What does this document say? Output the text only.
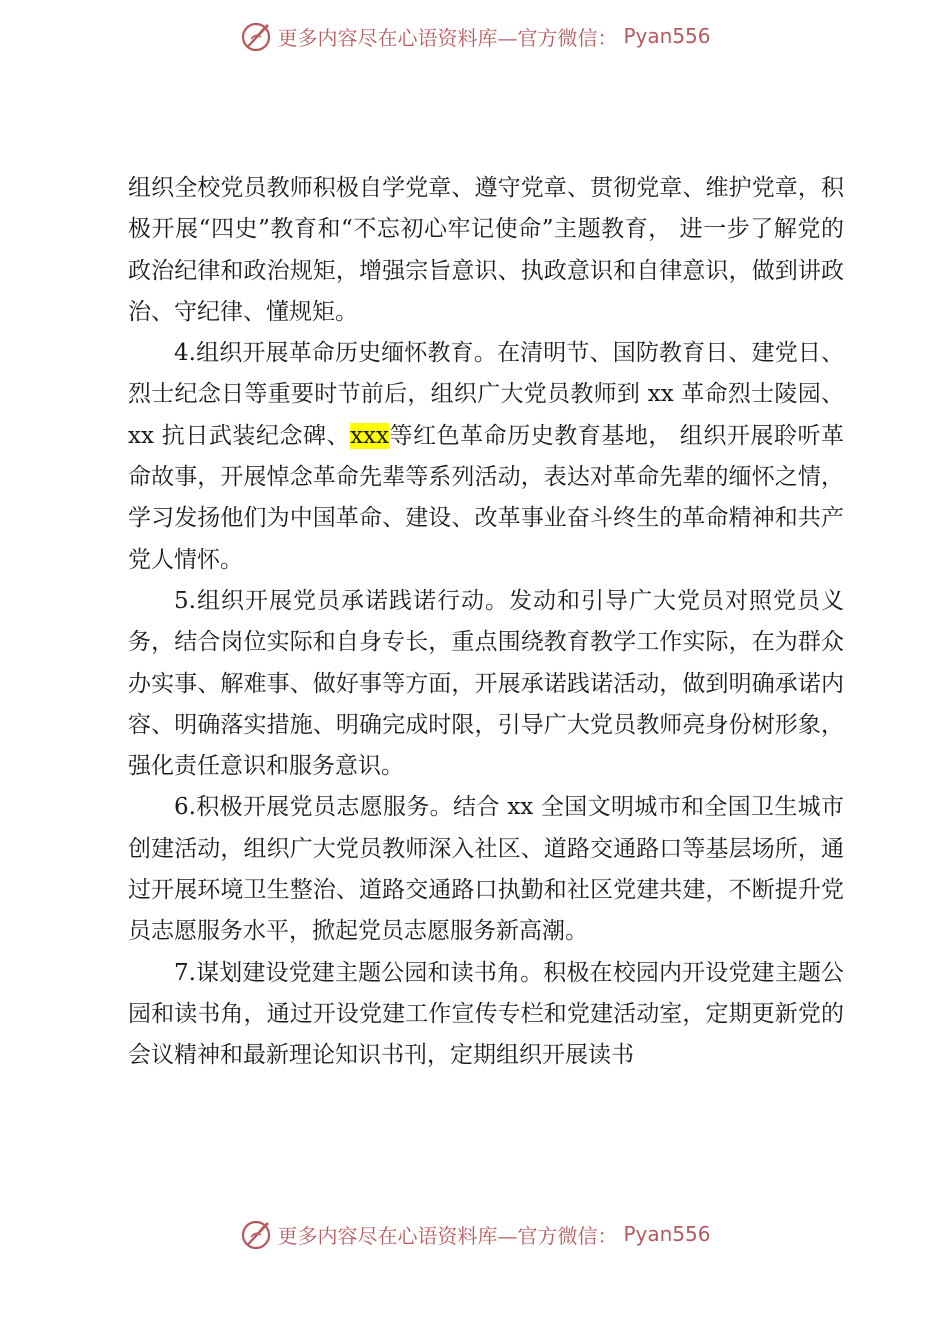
更多内容尽在心语资料库—官方微信： Pyan556

组织全校党员教师积极自学党章、遵守党章、贯彻党章、维护党章，积极开展“四史”教育和“不忘初心牢记使命”主题教育， 进一步了解党的政治纪律和政治规矩，增强宗旨意识、执政意识和自律意识，做到讲政治、守纪律、懂规矩。

4.组织开展革命历史缅怀教育。在清明节、国防教育日、建党日、烈士纪念日等重要时节前后，组织广大党员教师到 xx 革命烈士陵园、xx 抗日武装纪念碑、xxx等红色革命历史教育基地， 组织开展聆听革命故事，开展悼念革命先辈等系列活动，表达对革命先辈的缅怀之情，学习发扬他们为中国革命、建设、改革事业奋斗终生的革命精神和共产党人情怀。

5.组织开展党员承诺践诺行动。发动和引导广大党员对照党员义务，结合岗位实际和自身专长，重点围绕教育教学工作实际，在为群众办实事、解难事、做好事等方面，开展承诺践诺活动，做到明确承诺内容、明确落实措施、明确完成时限，引导广大党员教师亮身份树形象，强化责任意识和服务意识。

6.积极开展党员志愿服务。结合 xx 全国文明城市和全国卫生城市创建活动，组织广大党员教师深入社区、道路交通路口等基层场所，通过开展环境卫生整治、道路交通路口执勤和社区党建共建，不断提升党员志愿服务水平，掀起党员志愿服务新高潮。

7.谋划建设党建主题公园和读书角。积极在校园内开设党建主题公园和读书角，通过开设党建工作宣传专栏和党建活动室，定期更新党的会议精神和最新理论知识书刊，定期组织开展读书

更多内容尽在心语资料库—官方微信： Pyan556
